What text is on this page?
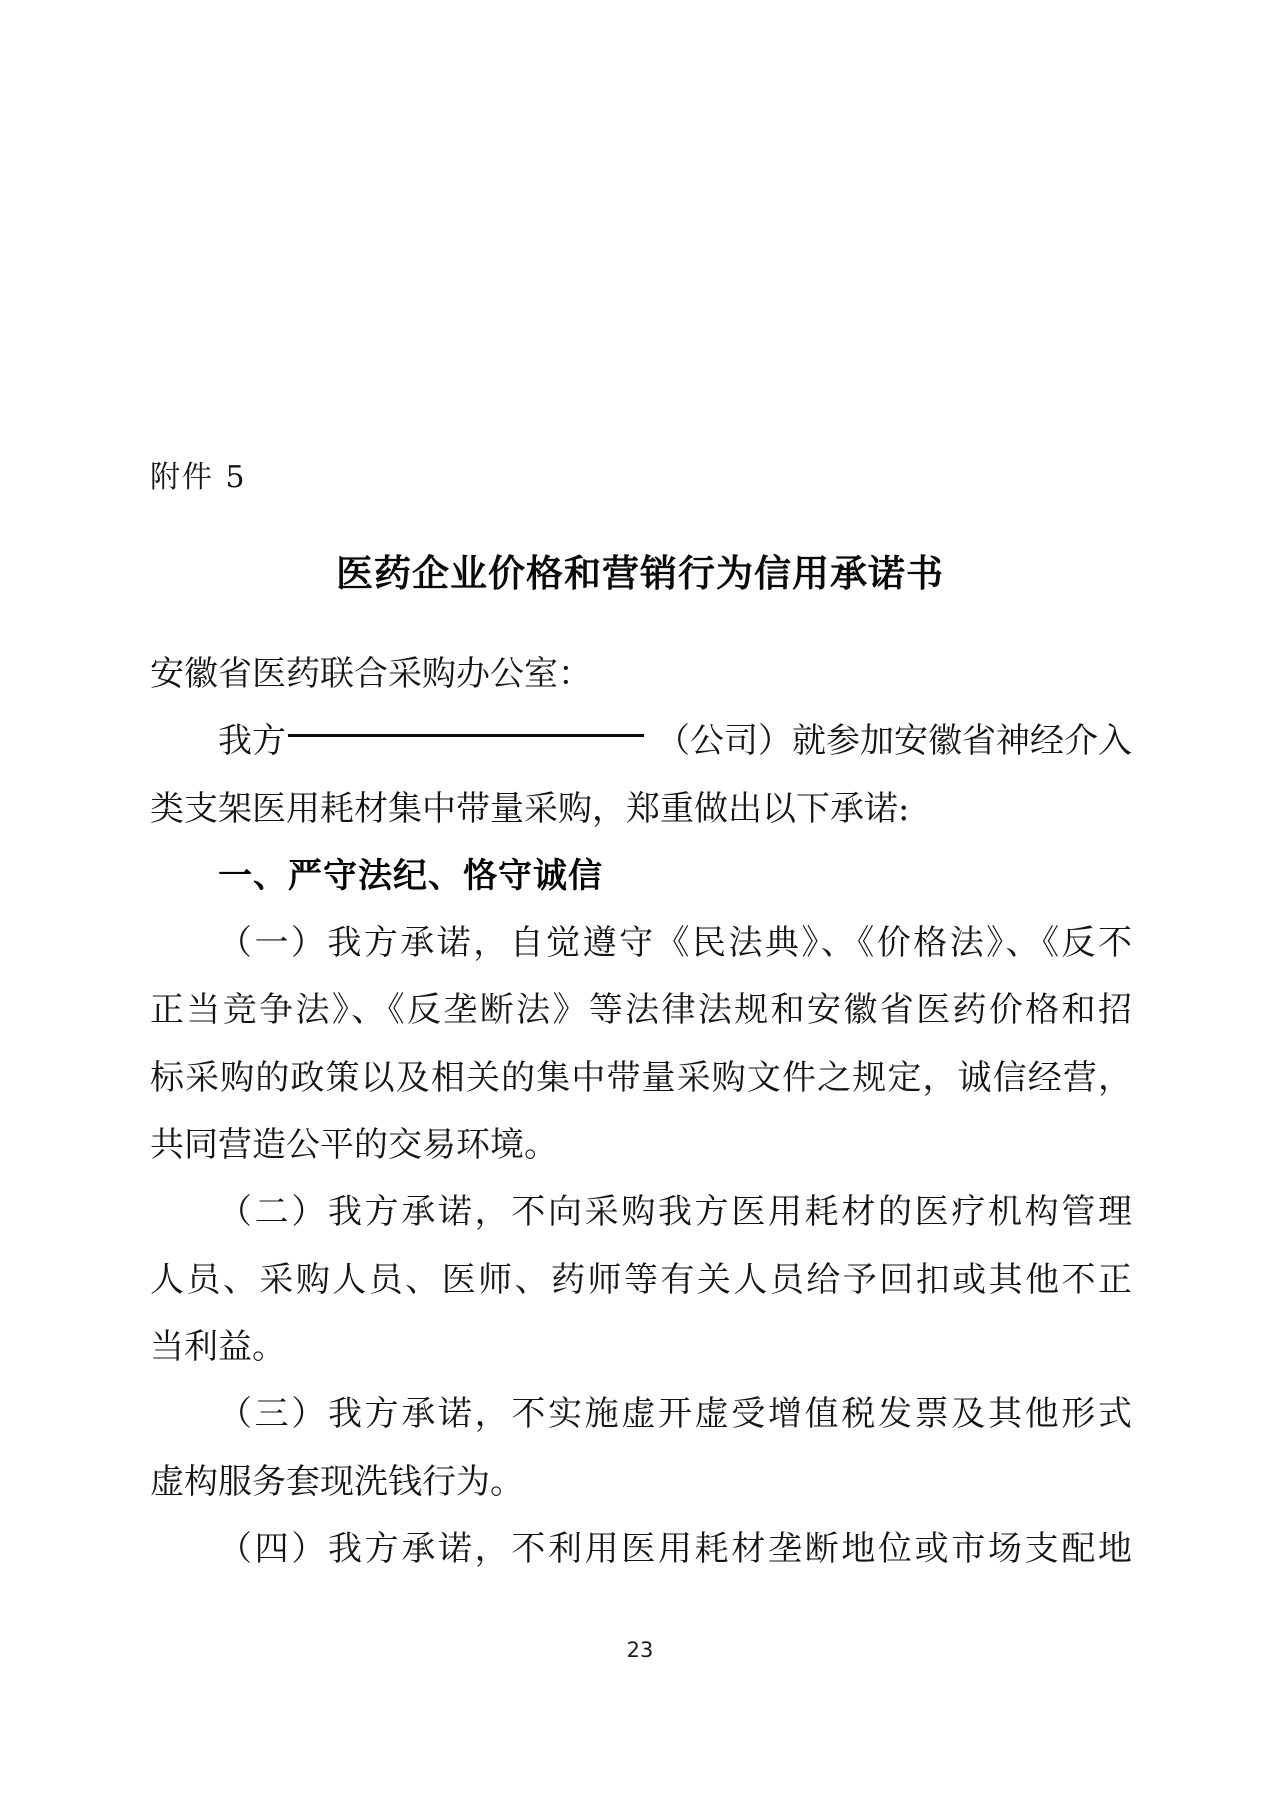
附件 5
医药企业价格和营销行为信用承诺书
安徽省医药联合采购办公室：
我方	（公司）就参加安徽省神经介入
类支架医用耗材集中带量采购，郑重做出以下承诺:
一、严守法纪、恪守诚信
（一）我方承诺，自觉遵守《民法典》、《价格法》、《反不
正当竞争法》、《反垄断法》等法律法规和安徽省医药价格和招
标采购的政策以及相关的集中带量采购文件之规定，诚信经营，
共同营造公平的交易环境。
（二）我方承诺，不向采购我方医用耗材的医疗机构管理
人员、采购人员、医师、药师等有关人员给予回扣或其他不正
当利益。
（三）我方承诺，不实施虚开虚受增值税发票及其他形式
虚构服务套现洗钱行为。
（四）我方承诺，不利用医用耗材垄断地位或市场支配地
23
